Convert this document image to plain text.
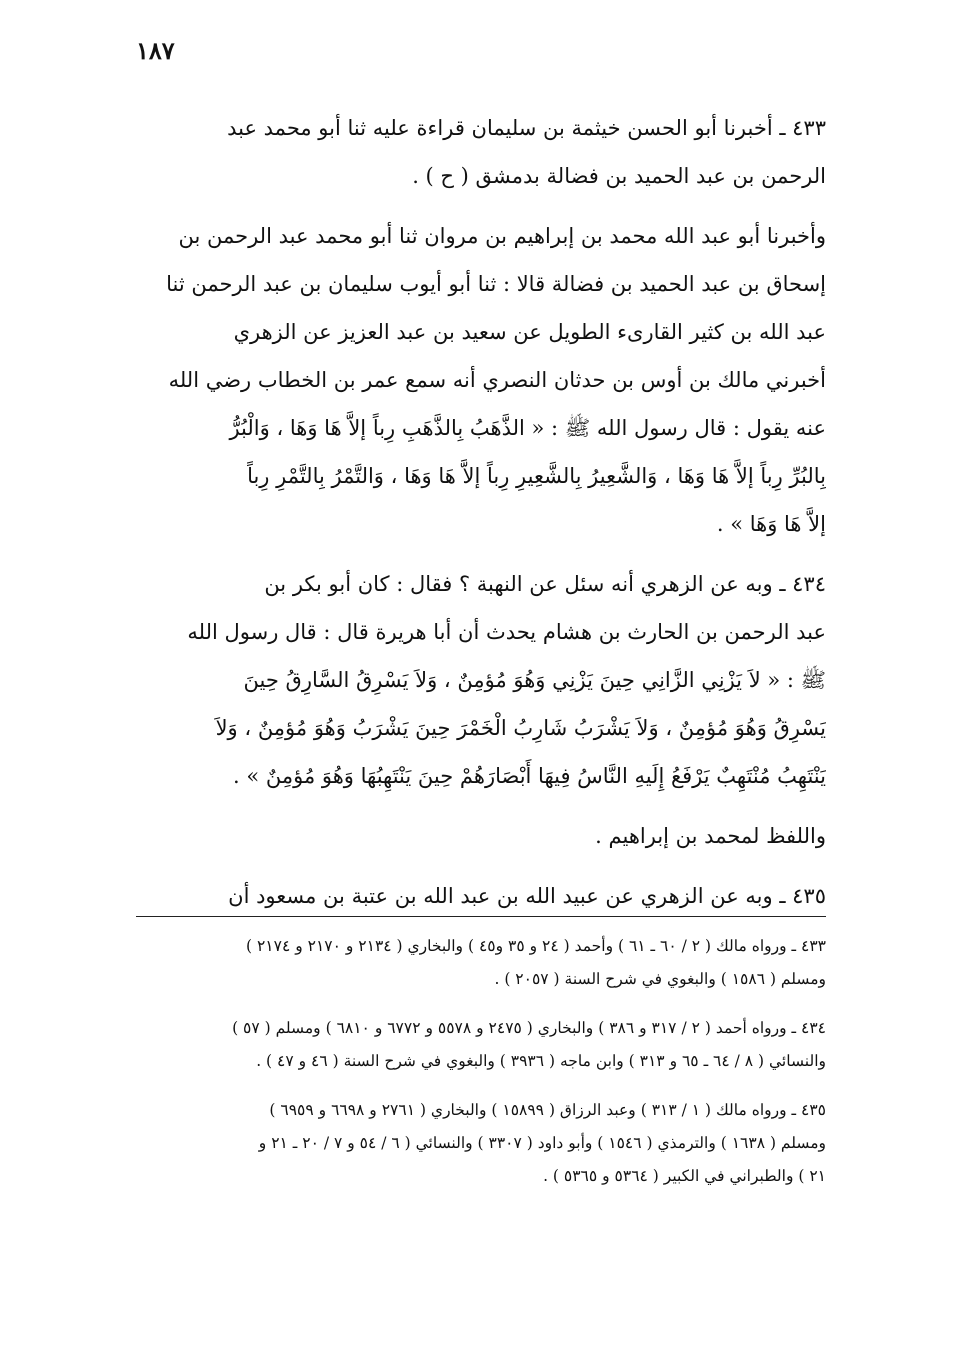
١٨٧
٤٣٣ ـ أخبرنا أبو الحسن خيثمة بن سليمان قراءة عليه ثنا أبو محمد عبد
الرحمن بن عبد الحميد بن فضالة بدمشق ( ح ) .
وأخبرنا أبو عبد الله محمد بن إبراهيم بن مروان ثنا أبو محمد عبد الرحمن بن
إسحاق بن عبد الحميد بن فضالة قالا : ثنا أبو أيوب سليمان بن عبد الرحمن ثنا
عبد الله بن كثير القارىء الطويل عن سعيد بن عبد العزيز عن الزهري
أخبرني مالك بن أوس بن حدثان النصري أنه سمع عمر بن الخطاب رضي الله
عنه يقول : قال رسول الله ﷺ : « الذَّهَبُ بِالذَّهَبِ رِباً إلاَّ هَا وَهَا ، وَالْبُرُّ
بِالبُرِّ رِباً إلاَّ هَا وَهَا ، وَالشَّعِيرُ بِالشَّعِيرِ رِباً إلاَّ هَا وَهَا ، وَالتَّمْرُ بِالتَّمْرِ رِباً
إلاَّ هَا وَهَا » .
٤٣٤ ـ وبه عن الزهري أنه سئل عن النهبة ؟ فقال : كان أبو بكر بن
عبد الرحمن بن الحارث بن هشام يحدث أن أبا هريرة قال : قال رسول الله
ﷺ : « لاَ يَزْنِي الزَّانِي حِينَ يَزْنِي وَهُوَ مُؤمِنٌ ، وَلاَ يَسْرِقُ السَّارِقُ حِينَ
يَسْرِقُ وَهُوَ مُؤمِنٌ ، وَلاَ يَشْرَبُ شَارِبُ الْخَمْرَ حِينَ يَشْرَبُ وَهُوَ مُؤمِنٌ ، وَلاَ
يَنْتَهِبُ مُنْتَهِبٌ يَرْفَعُ إِلَيهِ النَّاسُ فِيهَا أَبْصَارَهُمْ حِينَ يَنْتَهِبُهَا وَهُوَ مُؤمِنٌ » .
واللفظ لمحمد بن إبراهيم .
٤٣٥ ـ وبه عن الزهري عن عبيد الله بن عبد الله بن عتبة بن مسعود أن
٤٣٣ ـ ورواه مالك ( ٢ / ٦٠ ـ ٦١ ) وأحمد ( ٢٤ و ٣٥ و٤٥ ) والبخاري ( ٢١٣٤ و ٢١٧٠ و ٢١٧٤ )
ومسلم ( ١٥٨٦ ) والبغوي في شرح السنة ( ٢٠٥٧ ) .
٤٣٤ ـ ورواه أحمد ( ٢ / ٣١٧ و ٣٨٦ ) والبخاري ( ٢٤٧٥ و ٥٥٧٨ و ٦٧٧٢ و ٦٨١٠ ) ومسلم ( ٥٧ )
والنسائي ( ٨ / ٦٤ ـ ٦٥ و ٣١٣ ) وابن ماجه ( ٣٩٣٦ ) والبغوي في شرح السنة ( ٤٦ و ٤٧ ) .
٤٣٥ ـ ورواه مالك ( ١ / ٣١٣ ) وعبد الرزاق ( ١٥٨٩٩ ) والبخاري ( ٢٧٦١ و ٦٦٩٨ و ٦٩٥٩ )
ومسلم ( ١٦٣٨ ) والترمذي ( ١٥٤٦ ) وأبو داود ( ٣٣٠٧ ) والنسائي ( ٦ / ٥٤ و ٧ / ٢٠ ـ ٢١ و
٢١ ) والطبراني في الكبير ( ٥٣٦٤ و ٥٣٦٥ ) .
